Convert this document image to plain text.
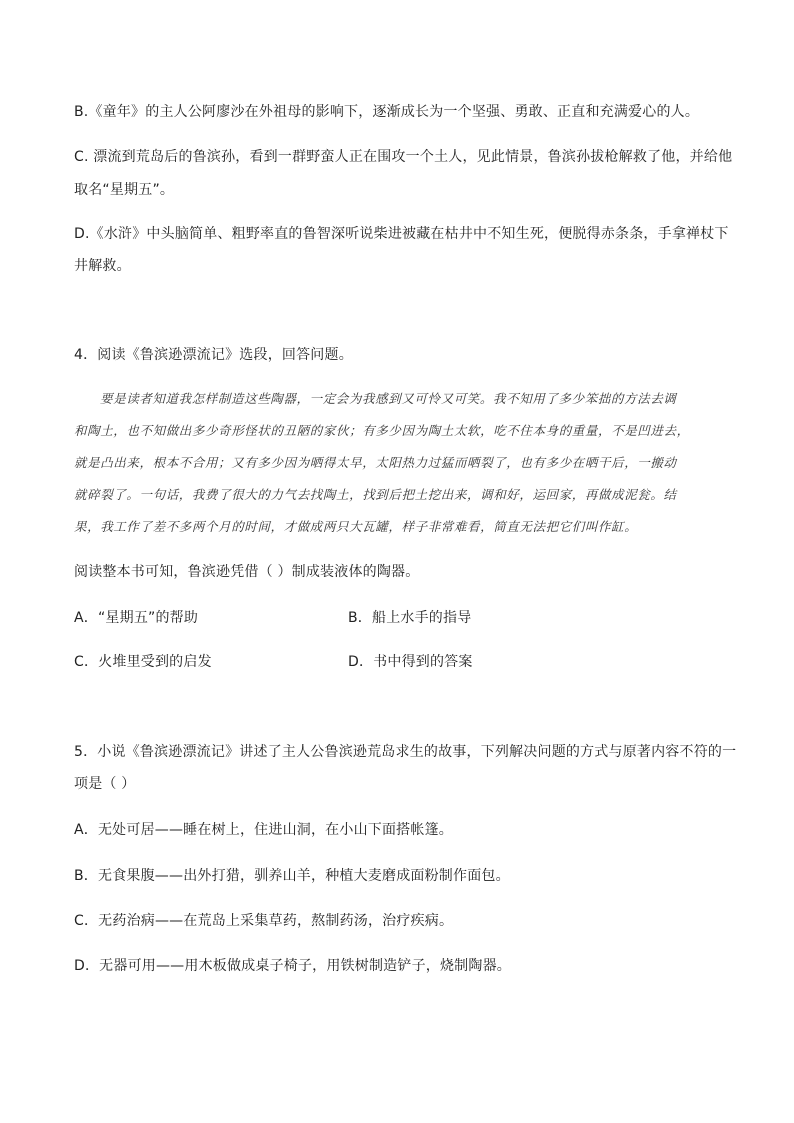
B.《童年》的主人公阿廖沙在外祖母的影响下，逐渐成长为一个坚强、勇敢、正直和充满爱心的人。
C. 漂流到荒岛后的鲁滨孙，看到一群野蛮人正在围攻一个土人，见此情景，鲁滨孙拔枪解救了他，并给他
取名“星期五”。
D.《水浒》中头脑简单、粗野率直的鲁智深听说柴进被藏在枯井中不知生死，便脱得赤条条，手拿禅杖下
井解救。
4．阅读《鲁滨逊漂流记》选段，回答问题。
要是读者知道我怎样制造这些陶器，一定会为我感到又可怜又可笑。我不知用了多少笨拙的方法去调
和陶土，也不知做出多少奇形怪状的丑陋的家伙；有多少因为陶土太软，吃不住本身的重量，不是凹进去，
就是凸出来，根本不合用；又有多少因为晒得太早，太阳热力过猛而晒裂了，也有多少在晒干后，一搬动
就碎裂了。一句话，我费了很大的力气去找陶土，找到后把土挖出来，调和好，运回家，再做成泥瓮。结
果，我工作了差不多两个月的时间，才做成两只大瓦罐，样子非常难看，简直无法把它们叫作缸。
阅读整本书可知，鲁滨逊凭借（ ）制成装液体的陶器。
A．“星期五”的帮助	B．船上水手的指导
C．火堆里受到的启发	D．书中得到的答案
5．小说《鲁滨逊漂流记》讲述了主人公鲁滨逊荒岛求生的故事，下列解决问题的方式与原著内容不符的一
项是（ ）
A．无处可居——睡在树上，住进山洞，在小山下面搭帐篷。
B．无食果腹——出外打猎，驯养山羊，种植大麦磨成面粉制作面包。
C．无药治病——在荒岛上采集草药，熬制药汤，治疗疾病。
D．无器可用——用木板做成桌子椅子，用铁树制造铲子，烧制陶器。
